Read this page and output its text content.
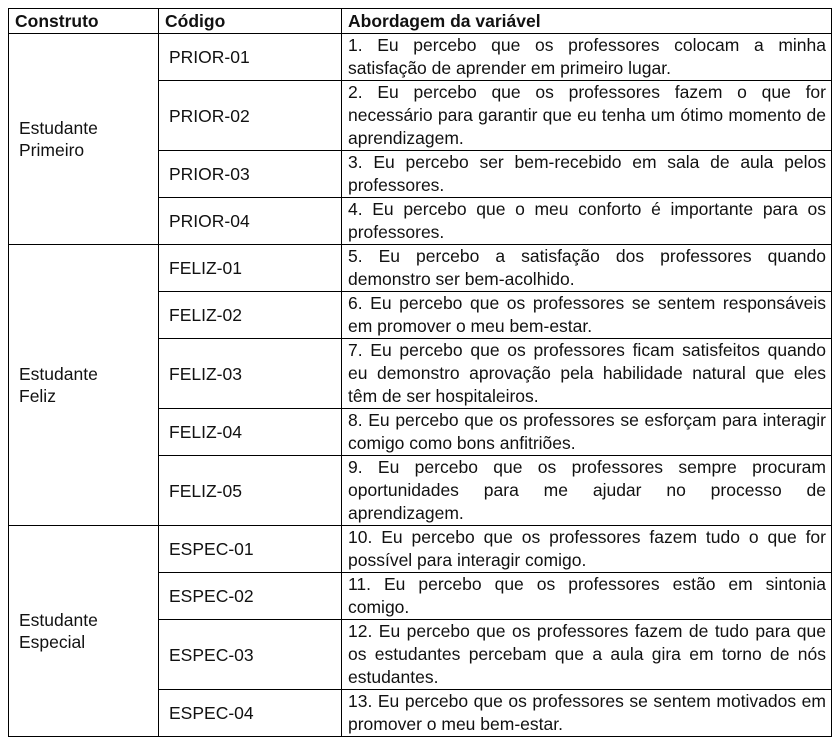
Construto	Código	Abordagem da variável
Estudante
Primeiro	PRIOR-01	1. Eu percebo que os professores colocam a minha satisfação de aprender em primeiro lugar.
	PRIOR-02	2. Eu percebo que os professores fazem o que for necessário para garantir que eu tenha um ótimo momento de aprendizagem.
	PRIOR-03	3. Eu percebo ser bem-recebido em sala de aula pelos professores.
	PRIOR-04	4. Eu percebo que o meu conforto é importante para os professores.
Estudante
Feliz	FELIZ-01	5. Eu percebo a satisfação dos professores quando demonstro ser bem-acolhido.
	FELIZ-02	6. Eu percebo que os professores se sentem responsáveis em promover o meu bem-estar.
	FELIZ-03	7. Eu percebo que os professores ficam satisfeitos quando eu demonstro aprovação pela habilidade natural que eles têm de ser hospitaleiros.
	FELIZ-04	8. Eu percebo que os professores se esforçam para interagir comigo como bons anfitriões.
	FELIZ-05	9. Eu percebo que os professores sempre procuram oportunidades para me ajudar no processo de aprendizagem.
Estudante
Especial	ESPEC-01	10. Eu percebo que os professores fazem tudo o que for possível para interagir comigo.
	ESPEC-02	11. Eu percebo que os professores estão em sintonia comigo.
	ESPEC-03	12. Eu percebo que os professores fazem de tudo para que os estudantes percebam que a aula gira em torno de nós estudantes.
	ESPEC-04	13. Eu percebo que os professores se sentem motivados em promover o meu bem-estar.
